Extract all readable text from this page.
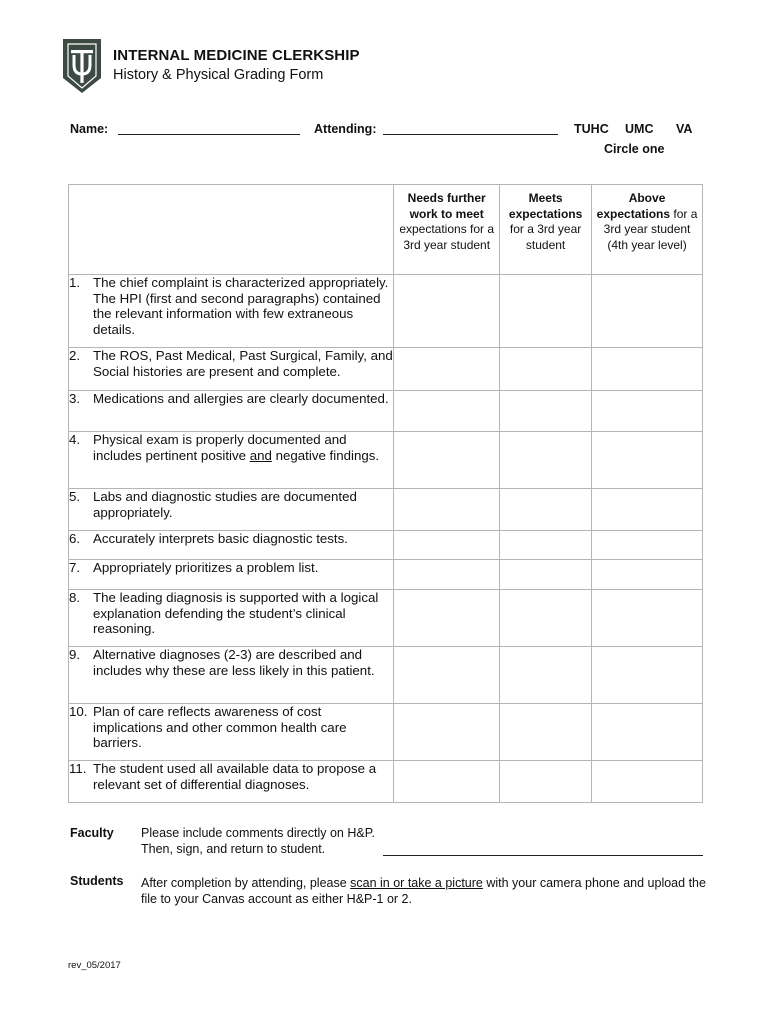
INTERNAL MEDICINE CLERKSHIP
History & Physical Grading Form
Name:	Attending:	TUHC UMC VA
Circle one
	Needs further work to meet expectations for a 3rd year student	Meets expectations for a 3rd year student	Above expectations for a 3rd year student (4th year level)

1. The chief complaint is characterized appropriately. The HPI (first and second paragraphs) contained the relevant information with few extraneous details.			

2. The ROS, Past Medical, Past Surgical, Family, and Social histories are present and complete.			

3. Medications and allergies are clearly documented.			

4. Physical exam is properly documented and includes pertinent positive and negative findings.			

5. Labs and diagnostic studies are documented appropriately.			

6. Accurately interprets basic diagnostic tests.			

7. Appropriately prioritizes a problem list.			

8. The leading diagnosis is supported with a logical explanation defending the student’s clinical reasoning.			

9. Alternative diagnoses (2-3) are described and includes why these are less likely in this patient.			

10. Plan of care reflects awareness of cost implications and other common health care barriers.			

11. The student used all available data to propose a relevant set of differential diagnoses.			

Faculty Please include comments directly on H&P.
Then, sign, and return to student.
Students After completion by attending, please scan in or take a picture with your camera phone and upload the file to your Canvas account as either H&P-1 or 2.
rev_05/2017
